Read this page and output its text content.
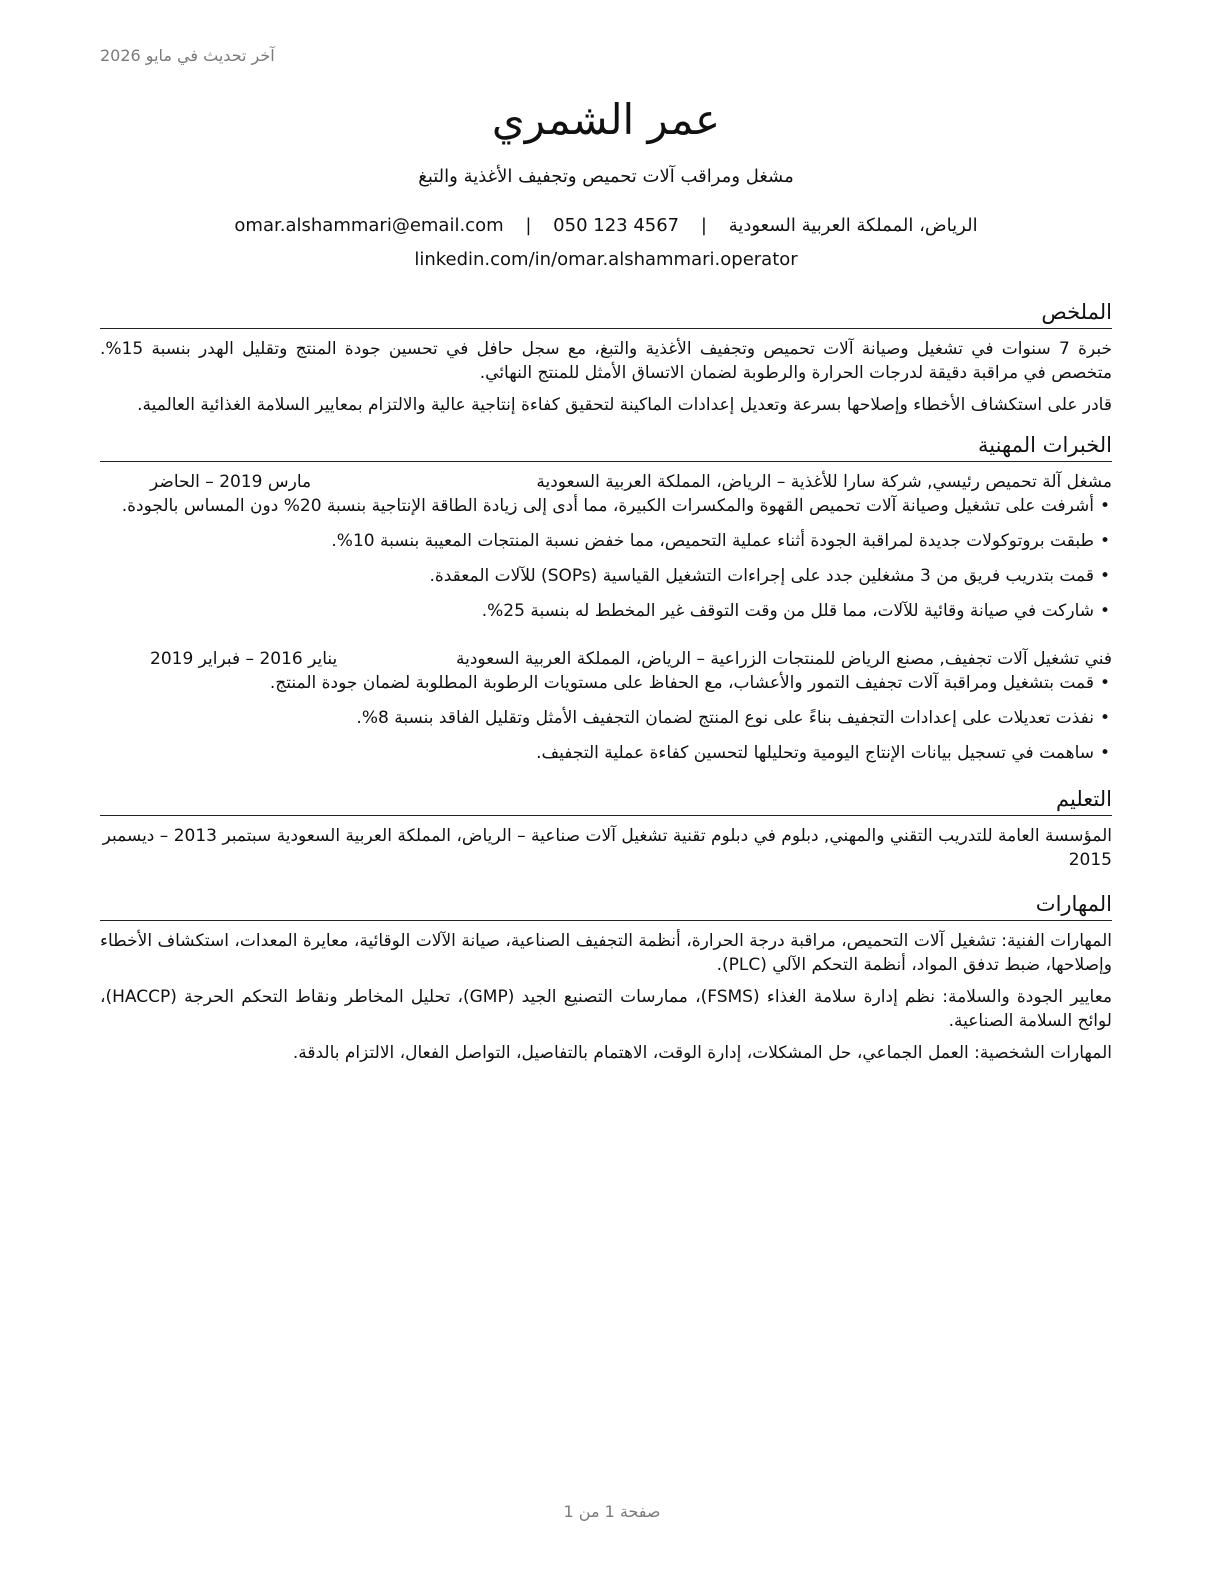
آخر تحديث في مايو 2026
عمر الشمري
مشغل ومراقب آلات تحميص وتجفيف الأغذية والتبغ
الرياض، المملكة العربية السعودية | omar.alshammari@email.com | 050 123 4567
linkedin.com/in/omar.alshammari.operator
الملخص

خبرة 7 سنوات في تشغيل وصيانة آلات تحميص وتجفيف الأغذية والتبغ، مع سجل حافل في تحسين جودة المنتج وتقليل الهدر بنسبة 15%. متخصص في مراقبة دقيقة لدرجات الحرارة والرطوبة لضمان الاتساق الأمثل للمنتج النهائي.

قادر على استكشاف الأخطاء وإصلاحها بسرعة وتعديل إعدادات الماكينة لتحقيق كفاءة إنتاجية عالية والالتزام بمعايير السلامة الغذائية العالمية.

الخبرات المهنية
مشغل آلة تحميص رئيسي, شركة سارا للأغذية – الرياض، المملكة العربية السعودية
مارس 2019 – الحاضر
• أشرفت على تشغيل وصيانة آلات تحميص القهوة والمكسرات الكبيرة، مما أدى إلى زيادة الطاقة الإنتاجية بنسبة 20% دون المساس بالجودة.
• طبقت بروتوكولات جديدة لمراقبة الجودة أثناء عملية التحميص، مما خفض نسبة المنتجات المعيبة بنسبة 10%.
• قمت بتدريب فريق من 3 مشغلين جدد على إجراءات التشغيل القياسية (SOPs) للآلات المعقدة.
• شاركت في صيانة وقائية للآلات، مما قلل من وقت التوقف غير المخطط له بنسبة 25%.
فني تشغيل آلات تجفيف, مصنع الرياض للمنتجات الزراعية – الرياض، المملكة العربية السعودية
يناير 2016 – فبراير 2019
• قمت بتشغيل ومراقبة آلات تجفيف التمور والأعشاب، مع الحفاظ على مستويات الرطوبة المطلوبة لضمان جودة المنتج.
• نفذت تعديلات على إعدادات التجفيف بناءً على نوع المنتج لضمان التجفيف الأمثل وتقليل الفاقد بنسبة 8%.
• ساهمت في تسجيل بيانات الإنتاج اليومية وتحليلها لتحسين كفاءة عملية التجفيف.
التعليم
المؤسسة العامة للتدريب التقني والمهني, دبلوم في دبلوم تقنية تشغيل آلات صناعية – الرياض، المملكة العربية السعودية سبتمبر 2013 – ديسمبر 2015
المهارات

المهارات الفنية: تشغيل آلات التحميص، مراقبة درجة الحرارة، أنظمة التجفيف الصناعية، صيانة الآلات الوقائية، معايرة المعدات، استكشاف الأخطاء وإصلاحها، ضبط تدفق المواد، أنظمة التحكم الآلي (PLC).

معايير الجودة والسلامة: نظم إدارة سلامة الغذاء (FSMS)، ممارسات التصنيع الجيد (GMP)، تحليل المخاطر ونقاط التحكم الحرجة (HACCP)، لوائح السلامة الصناعية.

المهارات الشخصية: العمل الجماعي، حل المشكلات، إدارة الوقت، الاهتمام بالتفاصيل، التواصل الفعال، الالتزام بالدقة.

صفحة 1 من 1
